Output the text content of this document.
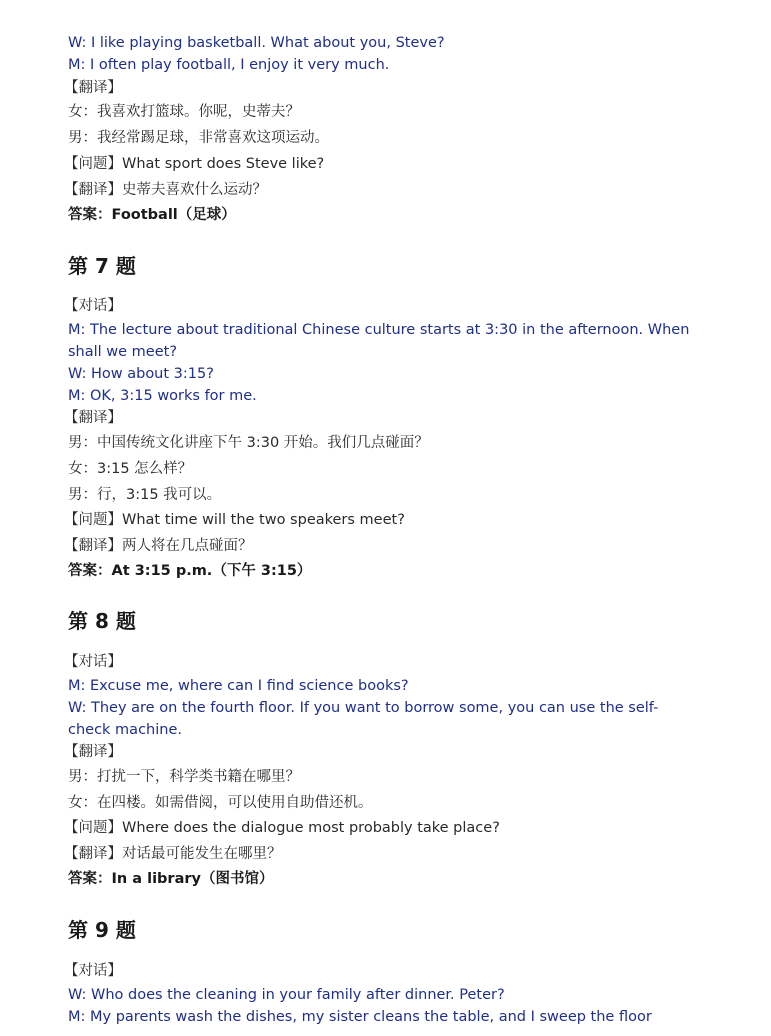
W: I like playing basketball. What about you, Steve?
M: I often play football, I enjoy it very much.
【翻译】
女：我喜欢打篮球。你呢，史蒂夫？
男：我经常踢足球，非常喜欢这项运动。
【问题】What sport does Steve like?
【翻译】史蒂夫喜欢什么运动？
答案：Football（足球）
第 7 题
【对话】
M: The lecture about traditional Chinese culture starts at 3:30 in the afternoon. When
shall we meet?
W: How about 3:15?
M: OK, 3:15 works for me.
【翻译】
男：中国传统文化讲座下午 3:30 开始。我们几点碰面？
女：3:15 怎么样？
男：行，3:15 我可以。
【问题】What time will the two speakers meet?
【翻译】两人将在几点碰面？
答案：At 3:15 p.m.（下午 3:15）
第 8 题
【对话】
M: Excuse me, where can I find science books?
W: They are on the fourth floor. If you want to borrow some, you can use the self-
check machine.
【翻译】
男：打扰一下，科学类书籍在哪里？
女：在四楼。如需借阅，可以使用自助借还机。
【问题】Where does the dialogue most probably take place?
【翻译】对话最可能发生在哪里？
答案：In a library（图书馆）
第 9 题
【对话】
W: Who does the cleaning in your family after dinner. Peter?
M: My parents wash the dishes, my sister cleans the table, and I sweep the floor
